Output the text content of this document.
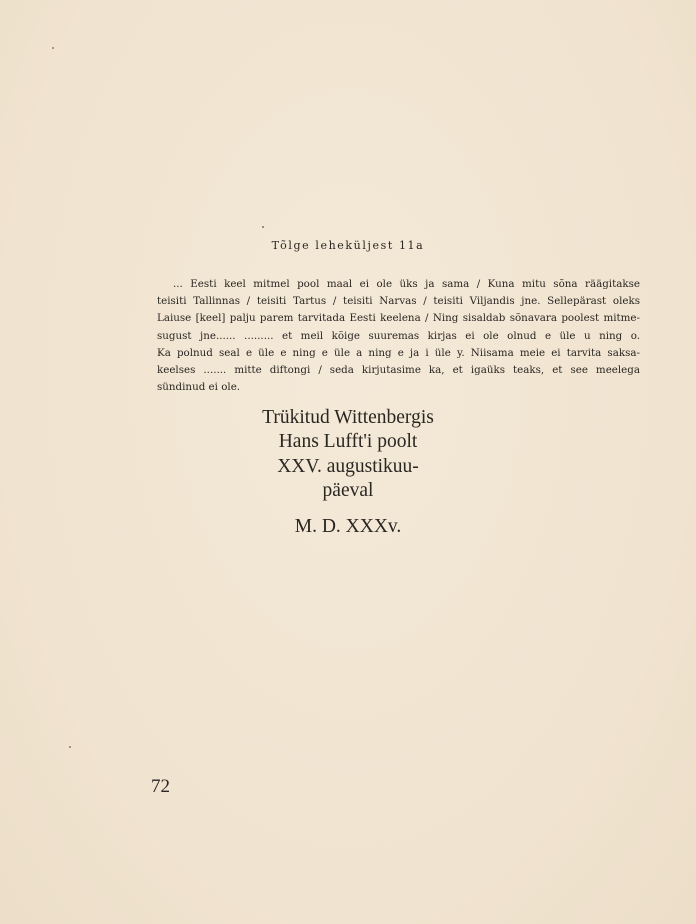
Tõlge leheküljest 11a
... Eesti keel mitmel pool maal ei ole üks ja sama / Kuna mitu sõna räägitakse
teisiti Tallinnas / teisiti Tartus / teisiti Narvas / teisiti Viljandis jne. Sellepärast oleks
Laiuse [keel] palju parem tarvitada Eesti keelena / Ning sisaldab sõnavara poolest mitme-
sugust jne...... ......... et meil kõige suuremas kirjas ei ole olnud e üle u ning o.
Ka polnud seal e üle e ning e üle a ning e ja i üle y. Niisama meie ei tarvita saksa-
keelses ....... mitte diftongi / seda kirjutasime ka, et igaüks teaks, et see meelega
sündinud ei ole.
Trükitud Wittenbergis
Hans Lufft'i poolt
XXV. augustikuu-
päeval
M. D. XXXv.
72
